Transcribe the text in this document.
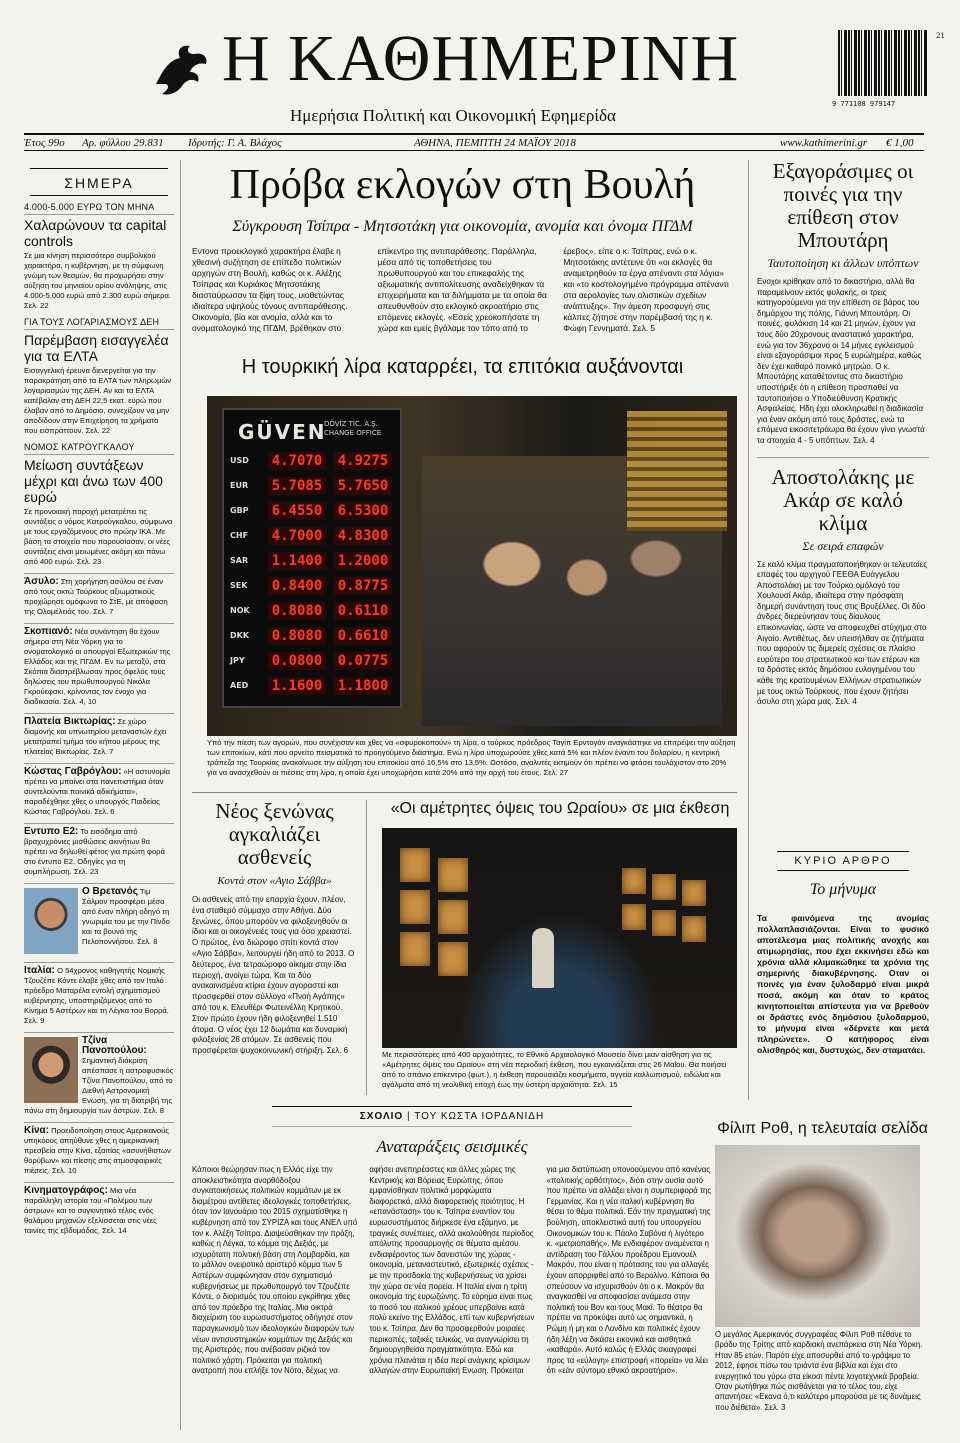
Η ΚΑΘΗΜΕΡΙΝΗ
Ημερήσια Πολιτική και Οικονομική Εφημερίδα
9 771108 979147
21
Έτος 99ο Αρ. φύλλου 29.831 Ιδρυτής: Γ. Α. Βλάχος	ΑΘΗΝΑ, ΠΕΜΠΤΗ 24 ΜΑΪΟΥ 2018	www.kathimerini.gr € 1,00
ΣΗΜΕΡΑ
4.000-5.000 ΕΥΡΩ ΤΟΝ ΜΗΝΑ
Χαλαρώνουν τα capital controls
Σε μια κίνηση περισσότερο συμβολικού χαρακτήρα, η κυβέρνηση, με τη σύμφωνη γνώμη των θεσμών, θα προχωρήσει στην αύξηση του μηνιαίου ορίου ανάληψης, στις 4.000-5.000 ευρώ από 2.300 ευρώ σήμερα. Σελ. 22
ΓΙΑ ΤΟΥΣ ΛΟΓΑΡΙΑΣΜΟΥΣ ΔΕΗ
Παρέμβαση εισαγγελέα για τα ΕΛΤΑ
Εισαγγελική έρευνα διενεργείται για την παρακράτηση από τα ΕΛΤΑ των πληρωμών λογαριασμών της ΔΕΗ. Αν και τα ΕΛΤΑ κατέβαλαν στη ΔΕΗ 22,5 εκατ. ευρώ που έλαβαν από το Δημόσιο, συνεχίζουν να μην αποδίδουν στην Επιχείρηση τα χρήματα που εισπράττουν. Σελ. 22
ΝΟΜΟΣ ΚΑΤΡΟΥΓΚΑΛΟΥ
Μείωση συντάξεων μέχρι και άνω των 400 ευρώ
Σε προνοιακή παροχή μετατρέπει τις συντάξεις ο νόμος Κατρούγκαλου, σύμφωνα με τους εργαζόμενους στο πρώην ΙΚΑ. Με βάση τα στοιχεία που παρουσίασαν, οι νέες συντάξεις είναι μειωμένες ακόμη και πάνω από 400 ευρώ. Σελ. 23
Άσυλο: Στη χορήγηση ασύλου σε έναν από τους οκτώ Τούρκους αξιωματικούς προχώρησε ομόφωνα το ΣτΕ, με απόφαση της Ολομέλειάς του. Σελ. 7
Σκοπιανό: Νέα συνάντηση θα έχουν σήμερα στη Νέα Υόρκη για το ονοματολογικό οι υπουργοί Εξωτερικών της Ελλάδος και της ΠΓΔΜ. Εν τω μεταξύ, στα Σκόπια διαστρέβλωσαν προς όφελός τους δηλώσεις του πρωθυπουργού Νικόλα Γκρούεφσκι, κρίνοντας τον ένοχο για διαδικασία. Σελ. 4, 10
Πλατεία Βικτωρίας: Σε χώρο διαμονής και υπνωτηρίου μεταναστών έχει μετατραπεί τμήμα του κήπου μέρους της πλατείας Βικτωρίας. Σελ. 7
Κώστας Γαβρόγλου: «Η αστυνομία πρέπει να μπαίνει στα πανεπιστήμια όταν συντελούνται ποινικά αδικήματα», παραδέχθηκε χθες ο υπουργός Παιδείας Κώστας Γαβρόγλου. Σελ. 6
Εντυπο Ε2: Το εισόδημα από βραχυχρόνιες μισθώσεις ακινήτων θα πρέπει να δηλωθεί φέτος για πρώτη φορά στο έντυπο Ε2. Οδηγίες για τη συμπλήρωση. Σελ. 23
Ο Βρετανός Τιμ Σάλμον προσφέρει μέσα από έναν πλήρη οδηγό τη γνωριμία του με την Πίνδο και τα βουνά της Πελοποννήσου. Σελ. 8
Ιταλία: Ο 54χρονος καθηγητής Νομικής Τζουζέπε Κόντε έλαβε χθες από τον Ιταλό πρόεδρο Ματαρέλα εντολή σχηματισμού κυβέρνησης, υποστηριζόμενος από το Κίνημα 5 Αστέρων και τη Λέγκα του Βορρά. Σελ. 9
Τζίνα Πανοπούλου: Σημαντική διάκριση απέσπασε η αστροφυσικός Τζίνα Πανοπούλου, από το Διεθνή Αστρονομική Ενωση, για τη διατριβή της πάνω στη δημιουργία των άστρων. Σελ. 8
Κίνα: Προειδοποίηση στους Αμερικανούς υπηκόους απηύθυνε χθες η αμερικανική πρεσβεία στην Κίνα, εξαιτίας «ασυνήθιστων θορύβων» και πίεσης στις ατμοσφαιρικές πιέσεις. Σελ. 10
Κινηματογράφος: Μια νέα παράλληλη ιστορία του «Πολέμου των άστρων» και το συγκινητικό τέλος ενός θαλάμου μηχανών εξελίσσεται στις νέες ταινίες της εβδομάδας. Σελ. 14
Πρόβα εκλογών στη Βουλή
Σύγκρουση Τσίπρα - Μητσοτάκη για οικονομία, ανομία και όνομα ΠΓΔΜ
Εντονα προεκλογικό χαρακτήρα έλαβε η χθεσινή συζήτηση σε επίπεδο πολιτικών αρχηγών στη Βουλή, καθώς οι κ. Αλέξης Τσίπρας και Κυριάκος Μητσοτάκης διασταύρωσαν τα ξίφη τους, υιοθετώντας ιδιαίτερα υψηλούς τόνους αντιπαράθεσης. Οικονομία, βία και ανομία, αλλά και το ονοματολογικό της ΠΓΔΜ, βρέθηκαν στο επίκεντρο της αντιπαράθεσης. Παράλληλα, μέσα από τις τοποθετήσεις του πρωθυπουργού και του επικεφαλής της αξιωματικής αντιπολίτευσης αναδείχθηκαν τα επιχειρήματα και τα διλήμματα με τα οποία θα απευθυνθούν στο εκλογικό ακροατήριο στις επόμενες εκλογές. «Εσείς χρεοκοπήσατε τη χώρα και εμείς βγάλαμε τον τόπο από το έρεβος», είπε ο κ. Τσίπρας, ενώ ο κ. Μητσοτάκης αντέτεινε ότι «οι εκλογές θα αναμετρηθούν τα έργα απέναντι στα λόγια» και «το κοστολογημένο πρόγραμμα απέναντι στα αερολογίες των ολιστικών σχεδίων ανάπτυξης». Την άμεση προσφυγή στις κάλπες ζήτησε στην παρέμβασή της η κ. Φώφη Γεννηματά. Σελ. 5
Η τουρκική λίρα καταρρέει, τα επιτόκια αυξάνονται
GÜVEN
DÖVİZ TİC. A.Ş. CHANGE OFFICE
USD	4.7070 4.9275
EUR	5.7085 5.7650
GBP	6.4550 6.5300
CHF	4.7000 4.8300
SAR	1.1400 1.2000
SEK	0.8400 0.8775
NOK	0.8080 0.6110
DKK	0.8080 0.6610
JPY	0.0800 0.0775
AED	1.1600 1.1800
Υπό την πίεση των αγορών, που συνέχισαν και χθες να «σφυροκοπούν» τη λίρα, ο τούρκος πρόεδρος Ταγίπ Ερντογάν αναγκάστηκε να επιτρέψει την αύξηση των επιτοκίων, κάτι που αρνείτο πεισματικά το προηγούμενο διάστημα. Ενώ η λίρα υποχωρούσε χθες κατά 5% και πλέον έναντι του δολαρίου, η κεντρική τράπεζα της Τουρκίας ανακοίνωσε την αύξηση του επιτοκίου από 16,5% στο 13,5%. Ωστόσο, αναλυτές εκτιμούν ότι πρέπει να φτάσει τουλάχιστον στο 20% για να ανασχεθούν οι πιέσεις στη λίρα, η οποία έχει υποχωρήσει κατά 20% από την αρχή του έτους. Σελ. 27
Εξαγοράσιμες οι ποινές για την επίθεση στον Μπουτάρη
Ταυτοποίηση κι άλλων υπόπτων
Ενοχοι κρίθηκαν από το δικαστήριο, αλλά θα παραμείνουν εκτός φυλακής, οι τρεις κατηγορούμενοι για την επίθεση σε βάρος του δημάρχου της πόλης, Γιάννη Μπουτάρη. Οι ποινές, φυλάκιση 14 και 21 μηνών, έχουν για τους δύο 20χρονους αναστατικό χαρακτήρα, ενώ για τον 36χρονο οι 14 μήνες εγκλεισμού είναι εξαγοράσιμοι προς 5 ευρώ/ημέρα, καθώς δεν έχει καθαρό ποινικό μητρώο. Ο κ. Μπουτάρης καταθέτοντας στο δικαστήριο υποστήριξε ότι η επίθεση προσπαθεί να ταυτοποιήσει ο Υποδιεύθυνση Κρατικής Ασφαλείας. Ηδη έχει ολοκληρωθεί η διαδικασία για έναν ακόμη από τους δράστες, ενώ τα επόμενα εικοσιτετράωρα θα έχουν γίνει γνωστά τα στοιχεία 4 - 5 υπόπτων. Σελ. 4
Αποστολάκης με Ακάρ σε καλό κλίμα
Σε σειρά επαφών
Σε καλό κλίμα πραγματοποιήθηκαν οι τελευταίες επαφές του αρχηγού ΓΕΕΘΑ Ευάγγελου Αποστολάκη με τον Τούρκο ομόλογό του Χουλουσί Ακάρ, ιδιαίτερα στην πρόσφατη δημερή συνάντηση τους στις Βρυξέλλες. Οι δύο άνδρες διερεύνησαν τους δίαυλους επικοινωνίας, ώστε να αποφευχθεί ατύχημα στο Αιγαίο. Αντιθέτως, δεν υπεισήλθαν σε ζητήματα που αφορούν τις διμερείς σχέσεις σε πλαίσιο ευρύτερο του στρατιωτικού και των ετέρων και τα δράστες εκτός δημόσιου ευλογημένου του κάθε της κρατουμένων Ελλήνων στρατιωτικών με τους οκτώ Τούρκους, που έχουν ζητήσει άσυλο στη χώρα μας. Σελ. 4
ΚΥΡΙΟ ΑΡΘΡΟ
Το μήνυμα
Τα φαινόμενα της ανομίας πολλαπλασιάζονται. Είναι το φυσικό αποτέλεσμα μιας πολιτικής ανοχής και ατιμωρησίας, που έχει εκκινήσει εδώ και χρόνια αλλά κλιμακώθηκε τα χρόνια της σημερινής διακυβέρνησης. Οταν οι ποινές για έναν ξυλοδαρμό είναι μικρά ποσά, ακόμη και όταν το κράτος κινητοποιείται απίστευτα για να βρεθούν οι δράστες ενός δημόσιου ξυλοδαρμού, το μήνυμα είναι «δέρνετε και μετά πληρώνετε». Ο κατήφορος είναι ολισθηρός και, δυστυχώς, δεν σταματάει.
Νέος ξενώνας αγκαλιάζει ασθενείς
Κοντά στον «Αγιο Σάββα»
Οι ασθενείς από την επαρχία έχουν, πλέον, ένα σταθερό σύμμαχο στην Αθήνα. Δύο ξενώνες, όπου μπορούν να φιλοξενηθούν οι ίδιοι και οι οικογένειές τους για όσο χρειαστεί. Ο πρώτος, ένα διώροφο σπίτι κοντά στον «Αγιο Σάββα», λειτουργεί ήδη από το 2013. Ο δεύτερος, ένα τετραώροφο οίκημα στην ίδια περιοχή, ανοίγει τώρα. Και τα δύο ανακαινισμένα κτίρια έχουν αγοραστεί και προσφερθεί στον σύλλογο «Πνοή Αγάπης» από τον κ. Ελευθέρι Φωτεινέλλη Κρητικού. Στον πρώτο έχουν ήδη φιλοξενηθεί 1.510 άτομα. Ο νέος έχει 12 δωμάτια και δυναμική φιλοξενίας 28 ατόμων. Σε ασθενείς που προσφέρεται ψυχοκοινωνική στήριξη. Σελ. 6
«Οι αμέτρητες όψεις του Ωραίου» σε μια έκθεση
Με περισσότερες από 400 αρχαιότητες, το Εθνικό Αρχαιολογικό Μουσείο δίνει μιαν αίσθηση για τις «Αμέτρητες όψεις του Ωραίου» στη νέα περιοδική έκθεση, που εγκαινιάζεται στις 26 Μαΐου. Θα ποιήσει από το σπάνιο επίκεντρο (φωτ.), η έκθεση παρουσιάζει κοσμήματα, αγγεία καλλωπισμού, ειδώλια και αγάλματα από τη νεολιθική εποχή έως την ύστερη αρχαιότητα. Σελ. 15
ΣΧΟΛΙΟ | ΤΟΥ ΚΩΣΤΑ ΙΟΡΔΑΝΙΔΗ
Αναταράξεις σεισμικές
Κάποιοι θεώρησαν πως η Ελλάς είχε την αποκλειστικότητα ανορθόδοξου συγκατοικήσεως πολιτικών κομμάτων με εκ διαμέτρου αντίθετες ιδεολογικές τοποθετήσεις, όταν τον Ιανουάριο του 2015 σχηματίσθηκε η κυβέρνηση από τον ΣΥΡΙΖΑ και τους ΑΝΕΛ υπό τον κ. Αλέξη Τσίπρα. Διαψεύσθηκαν την πράξη, καθώς η Λέγκα, το κόμμα της Δεξιάς, με ισχυρότατη πολιτική βάση στη Λομβαρδία, και το μάλλον ονειροτικό αριστερό κόμμα των 5 Αστέρων συμφώνησαν στον σχηματισμό κυβερνήσεως με πρωθυπουργό τον Τζουζέπε Κόντε, ο διορισμός του οποίου εγκρίθηκε χθες από τον πρόεδρο της Ιταλίας. Μια οικτρά διαχείριση του ευρωσυστήματος οδήγησε στον παραγκωνισμό των ιδεολογικών διαφορών των νέων αντισυστημικών κομμάτων της Δεξιάς και της Αριστεράς, που ανέβασαν ριζικά τον πολιτικό χάρτη. Πρόκειται για πολιτική ανατροπή που επλήξε τον Νότο, δέχως να αφήσει ανεπηρέαστες και άλλες χώρες της Κεντρικής και Βόρειας Ευρώπης, όπου εμφανίσθηκαν πολιτικά μορφώματα διαφορετικά, αλλά διαφορετικής ποιότητος. Η «επανάσταση» του κ. Τσίπρα εναντίον του ευρωσυστήματος διήρκεσε ένα εξάμηνο, με τραγικές συνέπειες, αλλά ακολούθησε περίοδος απόλυτης προσαρμογής σε θέματα αμέσου ενδιαφέροντος των δανειστών της χώρας - οικονομία, μεταναστευτικό, εξωτερικές σχέσεις - με την προσδοκία της κυβερνήσεως να χρίσει την χώρα σε νέα πορεία. Η Ιταλία είναι η τρίτη οικονομία της ευρωζώνης. Το εύρημα είναι πως το ποσό του ιταλικού χρέους υπερβαίνει κατά πολύ εκείνο της Ελλάδος, επί των κυβερνήσεων του κ. Τσίπρα. Δεν θα προσφερθούν μοιραίες περικοπές, ταξικές τελικώς, να αναγνωρίσει τη δημιουργηθείσα πραγματικότητα. Εδώ και χρόνια πλανάται η ιδέα περί ανάγκης κρίσιμων αλλαγών στην Ευρωπαϊκή Ενωση. Πρόκειται για μια διατύπωση υπονοούμενου από κανένας «πολιτικής ορθότητος», διότι στην ουσία αυτό που πρέπει να αλλάξει είναι η συμπεριφορά της Γερμανίας. Και η νέα ιταλική κυβέρνηση θα θέσει το θέμα πολιτικά. Εάν την πραγματική της βούληση, αποκλειστικά αυτή του υπουργείου Οικονομικών του κ. Πάολο Σαβόνα ή λιγότερο κ. «μετριοπαθής». Με ενδιαφέρον αναμένεται η αντίδραση του Γάλλου προέδρου Εμανουέλ Μακρόν, που είναι η πρότασης του για αλλαγές έχουν απορριφθεί από το Βερολίνο. Κάποιοι θα σπεύσουν να ισχυρισθούν ότι ο κ. Μακρόν θα αναγκασθεί να αποφασίσει ανάμεσα στην πολιτική του Βον και τους Μακί. Το θέατρο θα πρέπει να προκύψει αυτό ως σημαντικά, η Ρώμη ή μη και ο Λονδίνο και πολιτικές έχουν ήδη λέξη να δικάσει εικονικά και αισθητικά «καθαρά». Αυτό καλώς ή Ελλάς σκιαγραφεί προς τα «εύλογη» επιστροφή «πορεία» να λέει ότι «εάν σύντομο εθνικό ακροατήριο».
Φίλιπ Ροθ, η τελευταία σελίδα
Ο μεγάλος Αμερικανός συγγραφέας Φίλιπ Ροθ πέθανε το βράδυ της Τρίτης από καρδιακή ανεπάρκεια στη Νέα Υόρκη. Ηταν 85 ετών. Παρότι είχε αποσυρθεί από το γράψιμο το 2012, έφησε πίσω του τριάντα ένα βιβλία και έχει στο ενεργητικό του γύρω στα είκοσι πέντε λογοτεχνικά βραβεία. Οταν ρωτήθηκε πώς αισθάνεται για το τέλος του, είχε απαντήσει: «Εκανα ό,τι καλύτερο μπορούσα με τις δυνάμεις που διέθετα». Σελ. 3
